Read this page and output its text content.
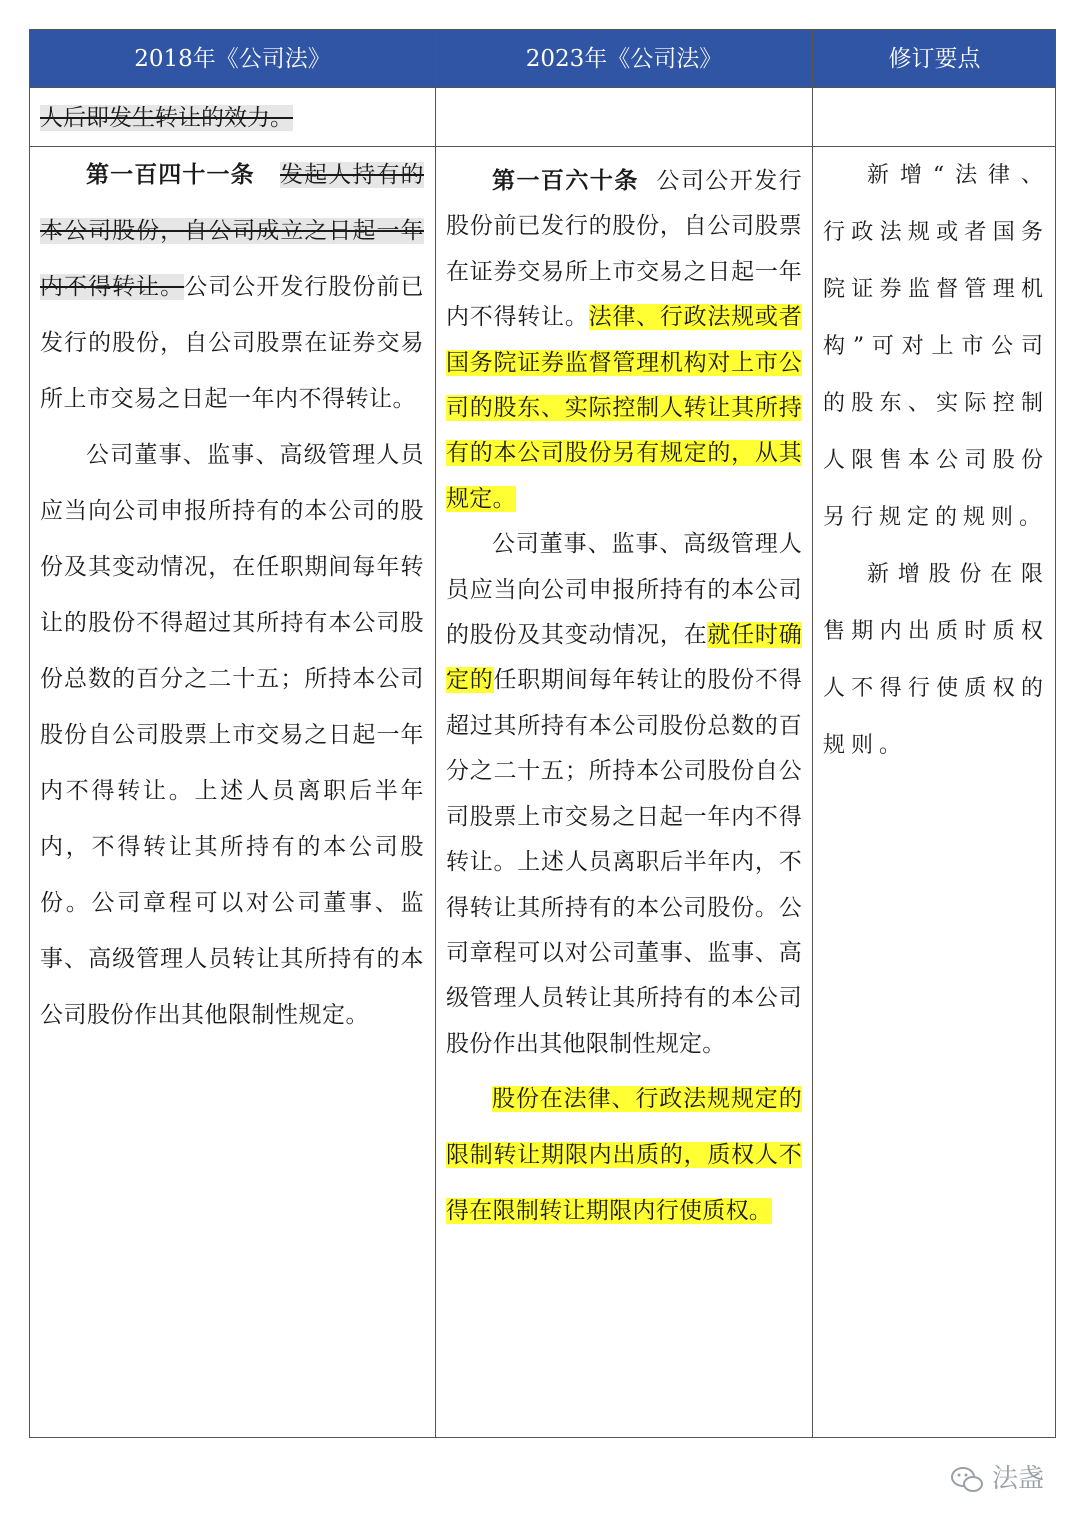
2018年《公司法》	2023年《公司法》	修订要点
人后即发生转让的效力。

第一百四十一条 发起人持有的本公司股份，自公司成立之日起一年内不得转让。公司公开发行股份前已发行的股份，自公司股票在证券交易所上市交易之日起一年内不得转让。

公司董事、监事、高级管理人员应当向公司申报所持有的本公司的股份及其变动情况，在任职期间每年转让的股份不得超过其所持有本公司股份总数的百分之二十五；所持本公司股份自公司股票上市交易之日起一年内不得转让。上述人员离职后半年内，不得转让其所持有的本公司股份。公司章程可以对公司董事、监事、高级管理人员转让其所持有的本公司股份作出其他限制性规定。

第一百六十条 公司公开发行股份前已发行的股份，自公司股票在证券交易所上市交易之日起一年内不得转让。法律、行政法规或者国务院证券监督管理机构对上市公司的股东、实际控制人转让其所持有的本公司股份另有规定的，从其规定。

公司董事、监事、高级管理人员应当向公司申报所持有的本公司的股份及其变动情况，在就任时确定的任职期间每年转让的股份不得超过其所持有本公司股份总数的百分之二十五；所持本公司股份自公司股票上市交易之日起一年内不得转让。上述人员离职后半年内，不得转让其所持有的本公司股份。公司章程可以对公司董事、监事、高级管理人员转让其所持有的本公司股份作出其他限制性规定。

股份在法律、行政法规规定的限制转让期限内出质的，质权人不得在限制转让期限内行使质权。

新增“法律、行政法规或者国务院证券监督管理机构”可对上市公司的股东、实际控制人限售本公司股份另行规定的规则。

新增股份在限售期内出质时质权人不得行使质权的规则。

法盏
